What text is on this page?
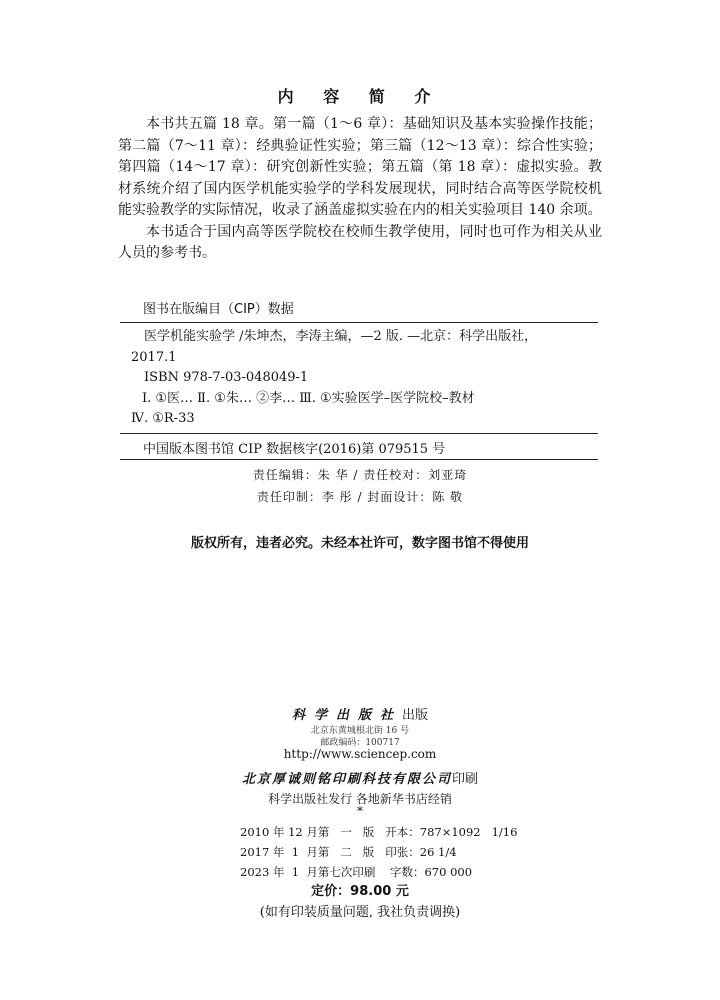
内 容 简 介

本书共五篇 18 章。第一篇（1～6 章）：基础知识及基本实验操作技能；第二篇（7～11 章）：经典验证性实验；第三篇（12～13 章）：综合性实验；第四篇（14～17 章）：研究创新性实验；第五篇（第 18 章）：虚拟实验。教材系统介绍了国内医学机能实验学的学科发展现状，同时结合高等医学院校机能实验教学的实际情况，收录了涵盖虚拟实验在内的相关实验项目 140 余项。

本书适合于国内高等医学院校在校师生教学使用，同时也可作为相关从业人员的参考书。

图书在版编目（CIP）数据
医学机能实验学 /朱坤杰，李涛主编，—2 版. —北京：科学出版社，
2017.1
ISBN 978-7-03-048049-1
Ⅰ. ①医… Ⅱ. ①朱… ②李… Ⅲ. ①实验医学–医学院校–教材
Ⅳ. ①R-33
中国版本图书馆 CIP 数据核字(2016)第 079515 号
责任编辑：朱 华 / 责任校对：刘亚琦
责任印制：李 彤 / 封面设计：陈 敬
版权所有，违者必究。未经本社许可，数字图书馆不得使用
科学出版社出版
北京东黄城根北街 16 号
邮政编码：100717
http://www.sciencep.com
北京厚诚则铭印刷科技有限公司印刷
科学出版社发行 各地新华书店经销
*
2010 年 12 月第   一   版   开本：787×1092   1/16
2017 年  1  月第   二   版   印张：26 1/4
2023 年  1  月第七次印刷    字数：670 000
定价：98.00 元
(如有印装质量问题, 我社负责调换)
